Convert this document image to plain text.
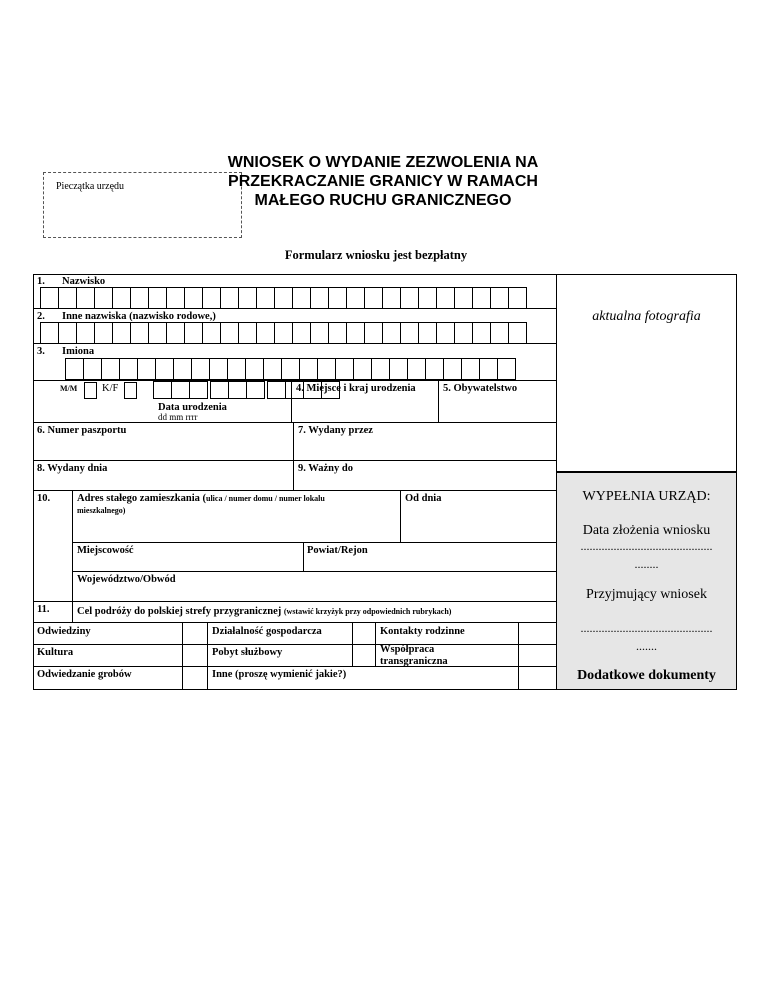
Pieczątka urzędu
WNIOSEK O WYDANIE ZEZWOLENIA NA PRZEKRACZANIE GRANICY W RAMACH MAŁEGO RUCHU GRANICZNEGO
Formularz wniosku jest bezpłatny
1. Nazwisko
2. Inne nazwiska (nazwisko rodowe,)
3. Imiona
M/M K/F
Data urodzenia
dd mm rrrr
4. Miejsce i kraj urodzenia	5. Obywatelstwo
6. Numer paszportu	7. Wydany przez
8. Wydany dnia	9. Ważny do
10.	Adres stałego zamieszkania (ulica / numer domu / numer lokalu
mieszkalnego)
Od dnia
Miejscowość	Powiat/Rejon
Województwo/Obwód
11.	Cel podróży do polskiej strefy przygranicznej (wstawić krzyżyk przy odpowiednich rubrykach)
Odwiedziny	Działalność gospodarcza	Kontakty rodzinne
Kultura	Pobyt służbowy	Współpraca
transgraniczna
Odwiedzanie grobów	Inne (proszę wymienić jakie?)
aktualna fotografia
WYPEŁNIA URZĄD:
Data złożenia wniosku
............................................
........
Przyjmujący wniosek
............................................
.......
Dodatkowe dokumenty
